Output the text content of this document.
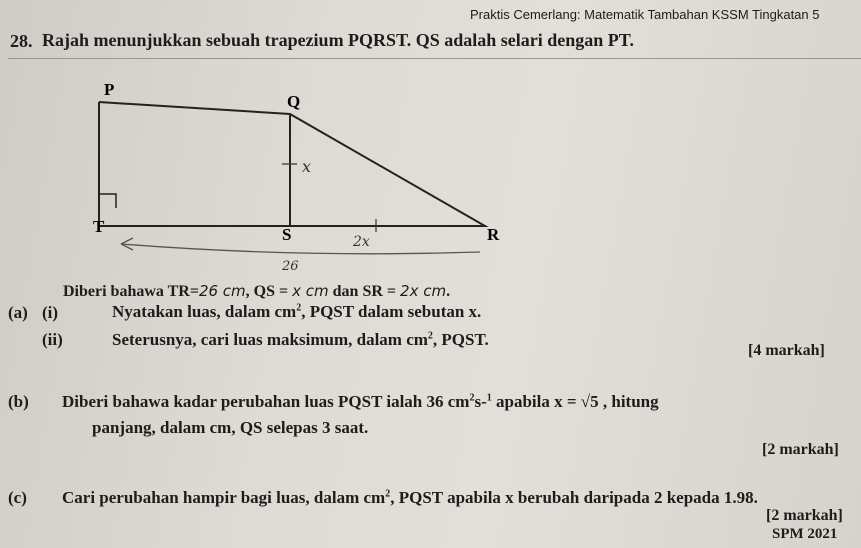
Praktis Cemerlang: Matematik Tambahan KSSM Tingkatan 5
28. Rajah menunjukkan sebuah trapezium PQRST. QS adalah selari dengan PT.
P
Q
R
S
T
x
2x
26
Diberi bahawa TR=26 cm, QS = x cm dan SR = 2x cm.
(a) (i)	Nyatakan luas, dalam $cm^2$, PQST dalam sebutan x.
(ii)	Seterusnya, cari luas maksimum, dalam $cm^2$, PQST.
[4 markah]
(b) Diberi bahawa kadar perubahan luas PQST ialah 36 $cm^2s-^1$ apabila x = √5 , hitung
panjang, dalam cm, QS selepas 3 saat.
[2 markah]
(c) Cari perubahan hampir bagi luas, dalam $cm^2$, PQST apabila x berubah daripada 2 kepada 1.98.
[2 markah]
SPM 2021
